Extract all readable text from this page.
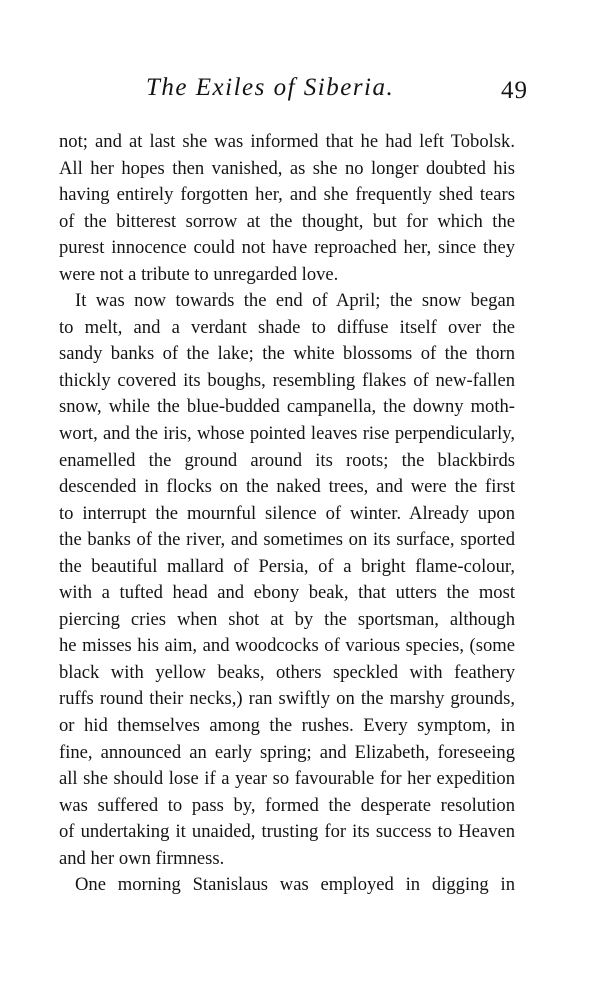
The Exiles of Siberia.	49
not; and at last she was informed that he had left Tobolsk.
All her hopes then vanished, as she no longer doubted his
having entirely forgotten her, and she frequently shed tears
of the bitterest sorrow at the thought, but for which the
purest innocence could not have reproached her, since they
were not a tribute to unregarded love.
It was now towards the end of April; the snow began
to melt, and a verdant shade to diffuse itself over the
sandy banks of the lake; the white blossoms of the thorn
thickly covered its boughs, resembling flakes of new-fallen
snow, while the blue-budded campanella, the downy moth-
wort, and the iris, whose pointed leaves rise perpendicularly,
enamelled the ground around its roots; the blackbirds
descended in flocks on the naked trees, and were the first
to interrupt the mournful silence of winter. Already upon
the banks of the river, and sometimes on its surface, sported
the beautiful mallard of Persia, of a bright flame-colour,
with a tufted head and ebony beak, that utters the most
piercing cries when shot at by the sportsman, although
he misses his aim, and woodcocks of various species, (some
black with yellow beaks, others speckled with feathery
ruffs round their necks,) ran swiftly on the marshy grounds,
or hid themselves among the rushes. Every symptom, in
fine, announced an early spring; and Elizabeth, foreseeing
all she should lose if a year so favourable for her expedition
was suffered to pass by, formed the desperate resolution
of undertaking it unaided, trusting for its success to Heaven
and her own firmness.
One morning Stanislaus was employed in digging in
